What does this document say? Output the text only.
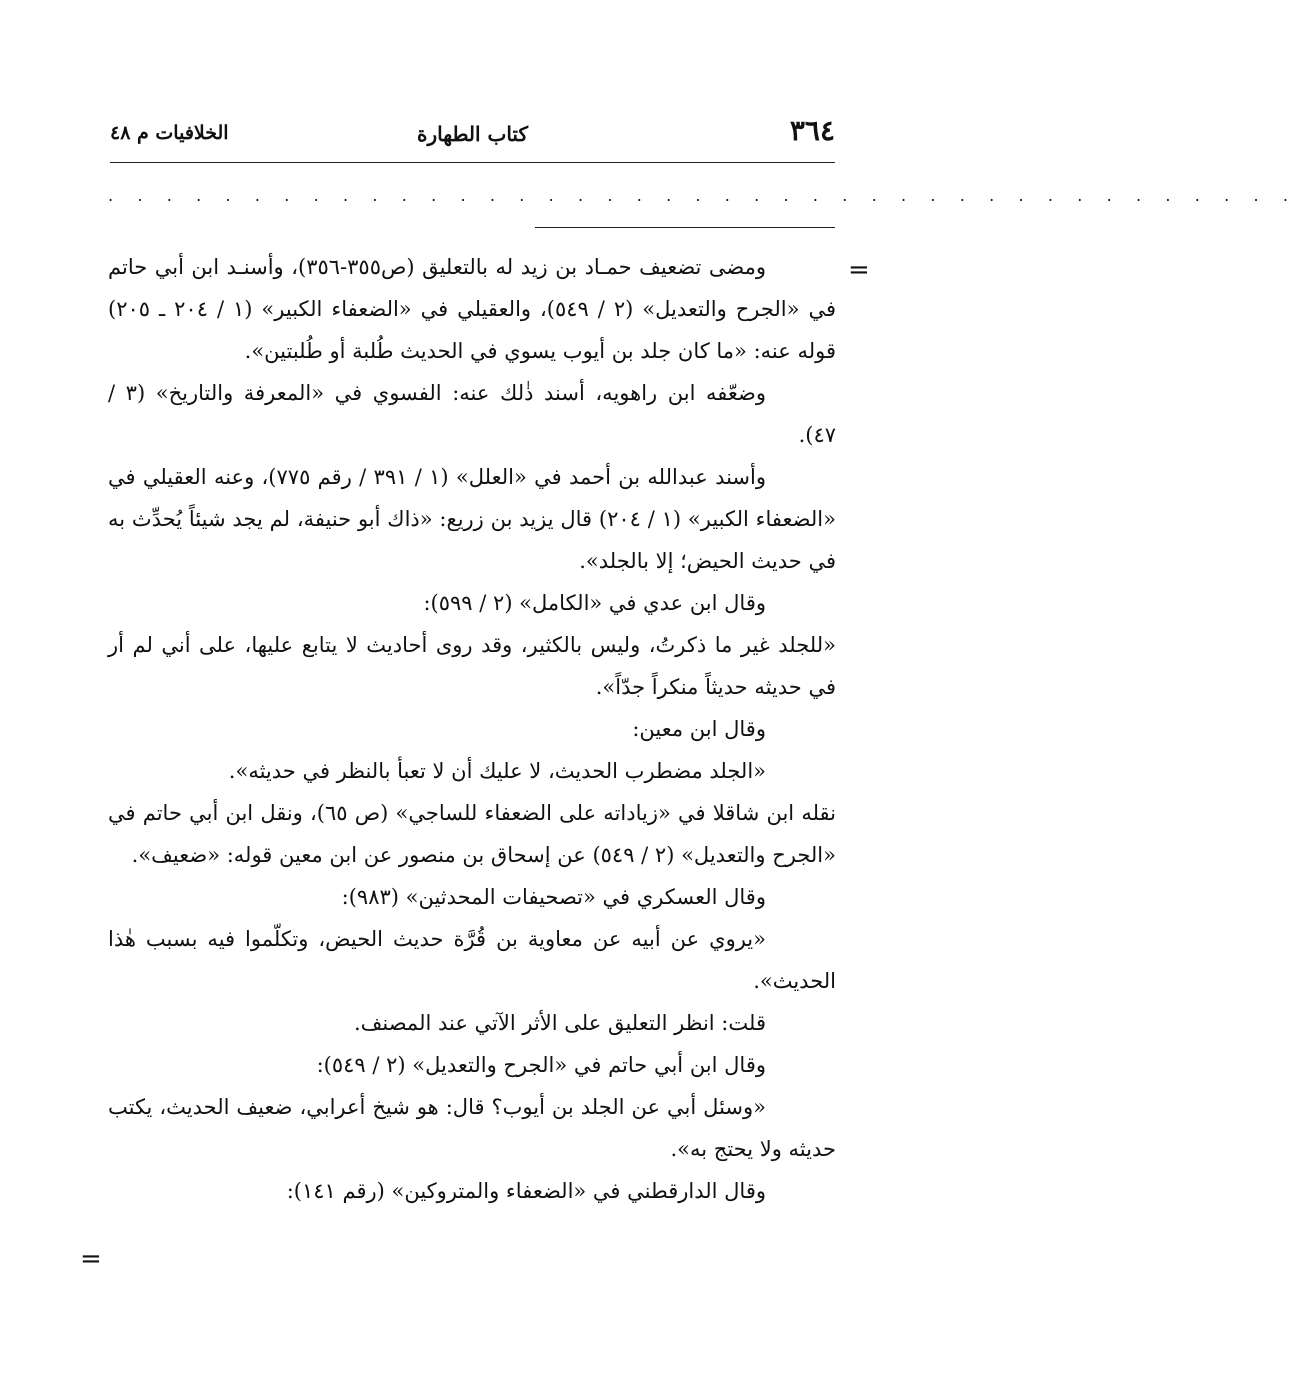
٣٦٤
كتاب الطهارة
الخلافيات م ٤٨
. . . . . . . . . . . . . . . . . . . . . . . . . . . . . . . . . . . . . . . . .
=

ومضى تضعيف حمـاد بن زيد له بالتعليق (ص٣٥٥-٣٥٦)، وأسنـد ابن أبي حاتم في «الجرح والتعديل» (٢ / ٥٤٩)، والعقيلي في «الضعفاء الكبير» (١ / ٢٠٤ ـ ٢٠٥) قوله عنه: «ما كان جلد بن أيوب يسوي في الحديث طُلبة أو طُلبتين».

وضعّفه ابن راهويه، أسند ذٰلك عنه: الفسوي في «المعرفة والتاريخ» (٣ / ٤٧).

وأسند عبدالله بن أحمد في «العلل» (١ / ٣٩١ / رقم ٧٧٥)، وعنه العقيلي في «الضعفاء الكبير» (١ / ٢٠٤) قال يزيد بن زريع: «ذاك أبو حنيفة، لم يجد شيئاً يُحدِّث به في حديث الحيض؛ إلا بالجلد».

وقال ابن عدي في «الكامل» (٢ / ٥٩٩):

«للجلد غير ما ذكرتُ، وليس بالكثير، وقد روى أحاديث لا يتابع عليها، على أني لم أر في حديثه حديثاً منكراً جدّاً».

وقال ابن معين:

«الجلد مضطرب الحديث، لا عليك أن لا تعبأ بالنظر في حديثه».

نقله ابن شاقلا في «زياداته على الضعفاء للساجي» (ص ٦٥)، ونقل ابن أبي حاتم في «الجرح والتعديل» (٢ / ٥٤٩) عن إسحاق بن منصور عن ابن معين قوله: «ضعيف».

وقال العسكري في «تصحيفات المحدثين» (٩٨٣):

«يروي عن أبيه عن معاوية بن قُرَّة حديث الحيض، وتكلّموا فيه بسبب هٰذا الحديث».

قلت: انظر التعليق على الأثر الآتي عند المصنف.

وقال ابن أبي حاتم في «الجرح والتعديل» (٢ / ٥٤٩):

«وسئل أبي عن الجلد بن أيوب؟ قال: هو شيخ أعرابي، ضعيف الحديث، يكتب حديثه ولا يحتج به».

وقال الدارقطني في «الضعفاء والمتروكين» (رقم ١٤١):

=
